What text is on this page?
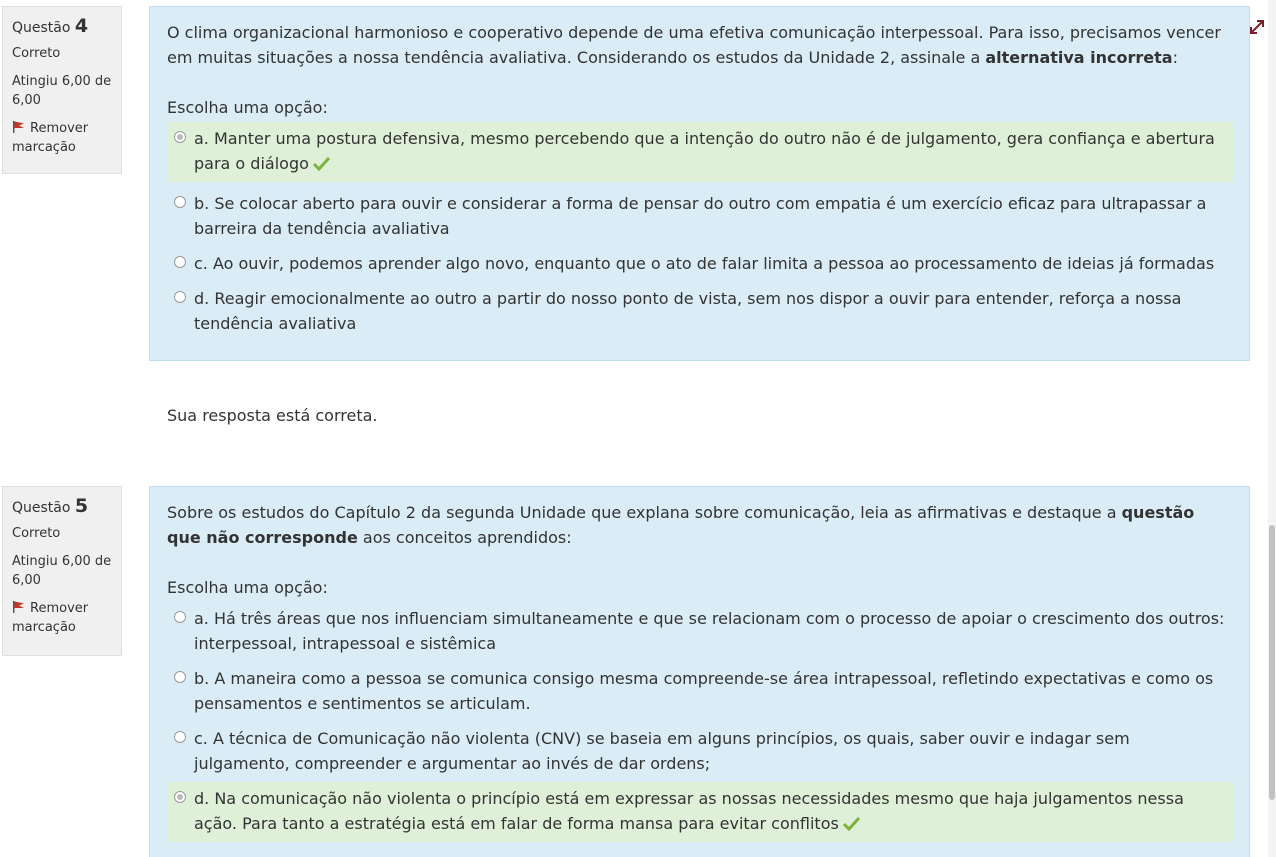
Questão 4
Correto
Atingiu 6,00 de 6,00
Remover marcação
O clima organizacional harmonioso e cooperativo depende de uma efetiva comunicação interpessoal. Para isso, precisamos vencer em muitas situações a nossa tendência avaliativa. Considerando os estudos da Unidade 2, assinale a alternativa incorreta:
Escolha uma opção:
a. Manter uma postura defensiva, mesmo percebendo que a intenção do outro não é de julgamento, gera confiança e abertura para o diálogo
b. Se colocar aberto para ouvir e considerar a forma de pensar do outro com empatia é um exercício eficaz para ultrapassar a barreira da tendência avaliativa
c. Ao ouvir, podemos aprender algo novo, enquanto que o ato de falar limita a pessoa ao processamento de ideias já formadas
d. Reagir emocionalmente ao outro a partir do nosso ponto de vista, sem nos dispor a ouvir para entender, reforça a nossa tendência avaliativa
Sua resposta está correta.
Questão 5
Correto
Atingiu 6,00 de 6,00
Remover marcação
Sobre os estudos do Capítulo 2 da segunda Unidade que explana sobre comunicação, leia as afirmativas e destaque a questão que não corresponde aos conceitos aprendidos:
Escolha uma opção:
a. Há três áreas que nos influenciam simultaneamente e que se relacionam com o processo de apoiar o crescimento dos outros: interpessoal, intrapessoal e sistêmica
b. A maneira como a pessoa se comunica consigo mesma compreende-se área intrapessoal, refletindo expectativas e como os pensamentos e sentimentos se articulam.
c. A técnica de Comunicação não violenta (CNV) se baseia em alguns princípios, os quais, saber ouvir e indagar sem julgamento, compreender e argumentar ao invés de dar ordens;
d. Na comunicação não violenta o princípio está em expressar as nossas necessidades mesmo que haja julgamentos nessa ação. Para tanto a estratégia está em falar de forma mansa para evitar conflitos
